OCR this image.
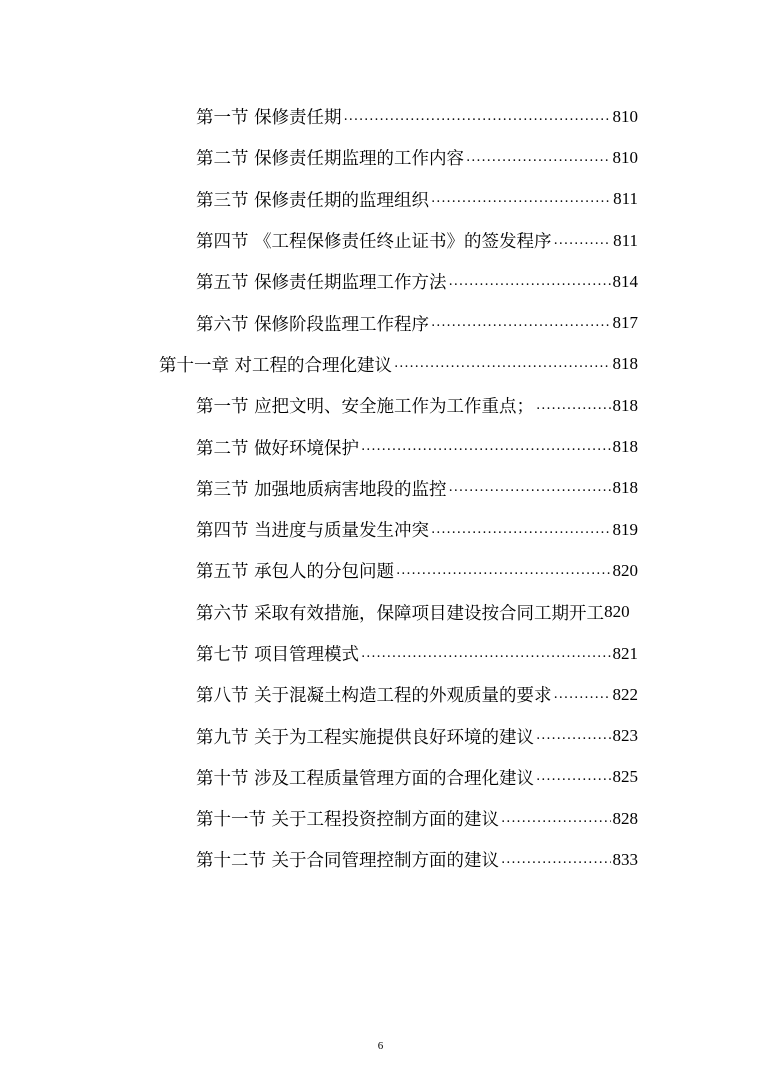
第一节 保修责任期 .....	810
第二节 保修责任期监理的工作内容 .....	810
第三节 保修责任期的监理组织 .....	811
第四节 《工程保修责任终止证书》的签发程序 .....	811
第五节 保修责任期监理工作方法 .....	814
第六节 保修阶段监理工作程序 .....	817
第十一章 对工程的合理化建议 .....	818
第一节 应把文明、安全施工作为工作重点； .....	818
第二节 做好环境保护 .....	818
第三节 加强地质病害地段的监控 .....	818
第四节 当进度与质量发生冲突 .....	819
第五节 承包人的分包问题 .....	820
第六节 采取有效措施，保障项目建设按合同工期开工 820
第七节 项目管理模式 .....	821
第八节 关于混凝土构造工程的外观质量的要求 .....	822
第九节 关于为工程实施提供良好环境的建议 .....	823
第十节 涉及工程质量管理方面的合理化建议 .....	825
第十一节 关于工程投资控制方面的建议 .....	828
第十二节 关于合同管理控制方面的建议 .....	833
6
